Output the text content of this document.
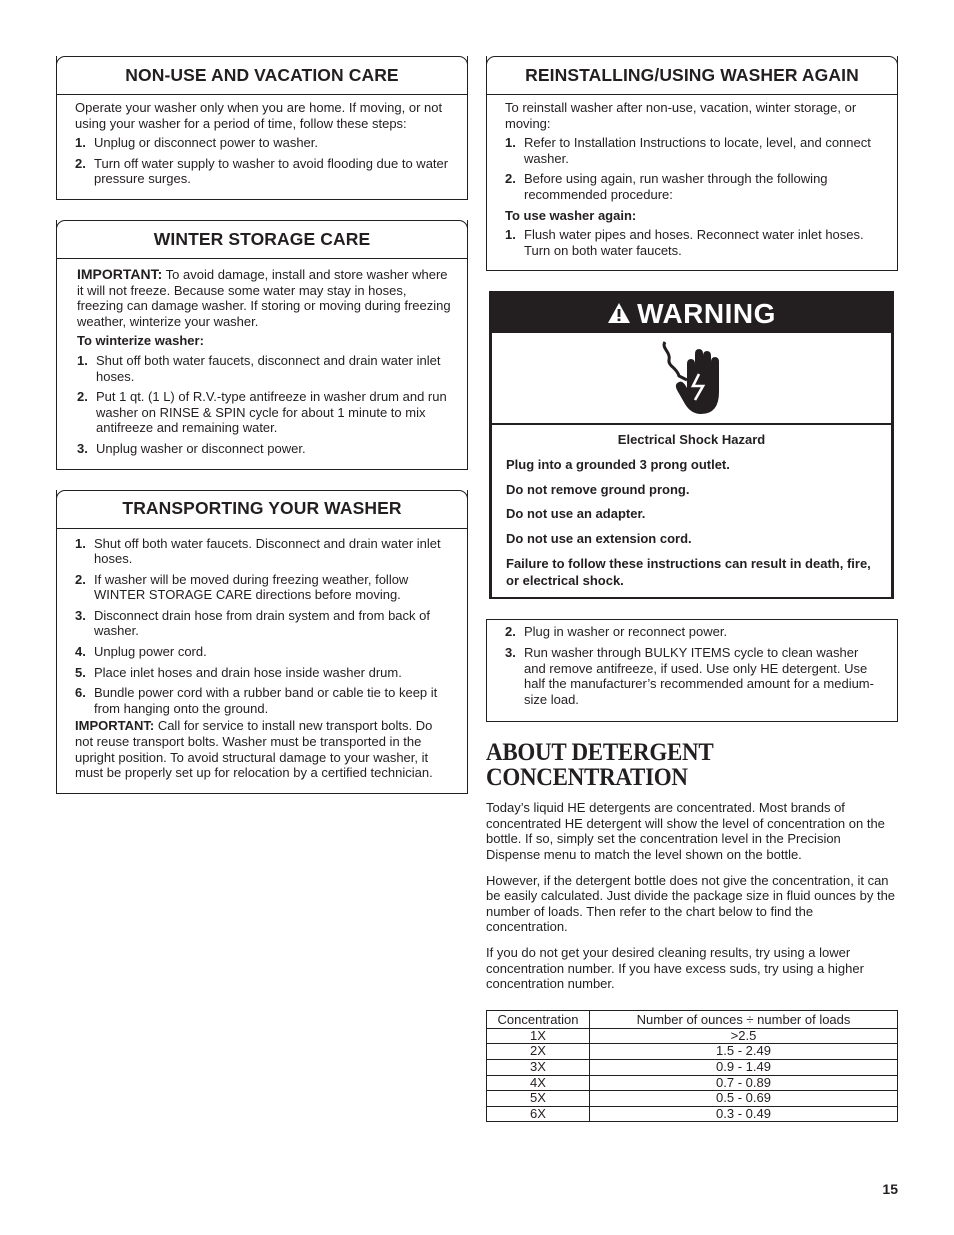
NON-USE AND VACATION CARE

Operate your washer only when you are home. If moving, or not using your washer for a period of time, follow these steps:

1. Unplug or disconnect power to washer.
2. Turn off water supply to washer to avoid flooding due to water pressure surges.
WINTER STORAGE CARE

IMPORTANT: To avoid damage, install and store washer where it will not freeze. Because some water may stay in hoses, freezing can damage washer. If storing or moving during freezing weather, winterize your washer.

To winterize washer:

1. Shut off both water faucets, disconnect and drain water inlet hoses.
2. Put 1 qt. (1 L) of R.V.-type antifreeze in washer drum and run washer on RINSE & SPIN cycle for about 1 minute to mix antifreeze and remaining water.
3. Unplug washer or disconnect power.
TRANSPORTING YOUR WASHER
1. Shut off both water faucets. Disconnect and drain water inlet hoses.
2. If washer will be moved during freezing weather, follow WINTER STORAGE CARE directions before moving.
3. Disconnect drain hose from drain system and from back of washer.
4. Unplug power cord.
5. Place inlet hoses and drain hose inside washer drum.
6. Bundle power cord with a rubber band or cable tie to keep it from hanging onto the ground.

IMPORTANT: Call for service to install new transport bolts. Do not reuse transport bolts. Washer must be transported in the upright position. To avoid structural damage to your washer, it must be properly set up for relocation by a certified technician.

REINSTALLING/USING WASHER AGAIN

To reinstall washer after non-use, vacation, winter storage, or moving:

1. Refer to Installation Instructions to locate, level, and connect washer.
2. Before using again, run washer through the following recommended procedure:

To use washer again:

1. Flush water pipes and hoses. Reconnect water inlet hoses. Turn on both water faucets.
WARNING
Electrical Shock Hazard

Plug into a grounded 3 prong outlet.

Do not remove ground prong.

Do not use an adapter.

Do not use an extension cord.

Failure to follow these instructions can result in death, fire, or electrical shock.

2. Plug in washer or reconnect power.
3. Run washer through BULKY ITEMS cycle to clean washer and remove antifreeze, if used. Use only HE detergent. Use half the manufacturer’s recommended amount for a medium-size load.
ABOUT DETERGENT
CONCENTRATION

Today’s liquid HE detergents are concentrated. Most brands of concentrated HE detergent will show the level of concentration on the bottle. If so, simply set the concentration level in the Precision Dispense menu to match the level shown on the bottle.

However, if the detergent bottle does not give the concentration, it can be easily calculated. Just divide the package size in fluid ounces by the number of loads. Then refer to the chart below to find the concentration.

If you do not get your desired cleaning results, try using a lower concentration number. If you have excess suds, try using a higher concentration number.

Concentration	Number of ounces ÷ number of loads
1X	>2.5
2X	1.5 - 2.49
3X	0.9 - 1.49
4X	0.7 - 0.89
5X	0.5 - 0.69
6X	0.3 - 0.49
15
